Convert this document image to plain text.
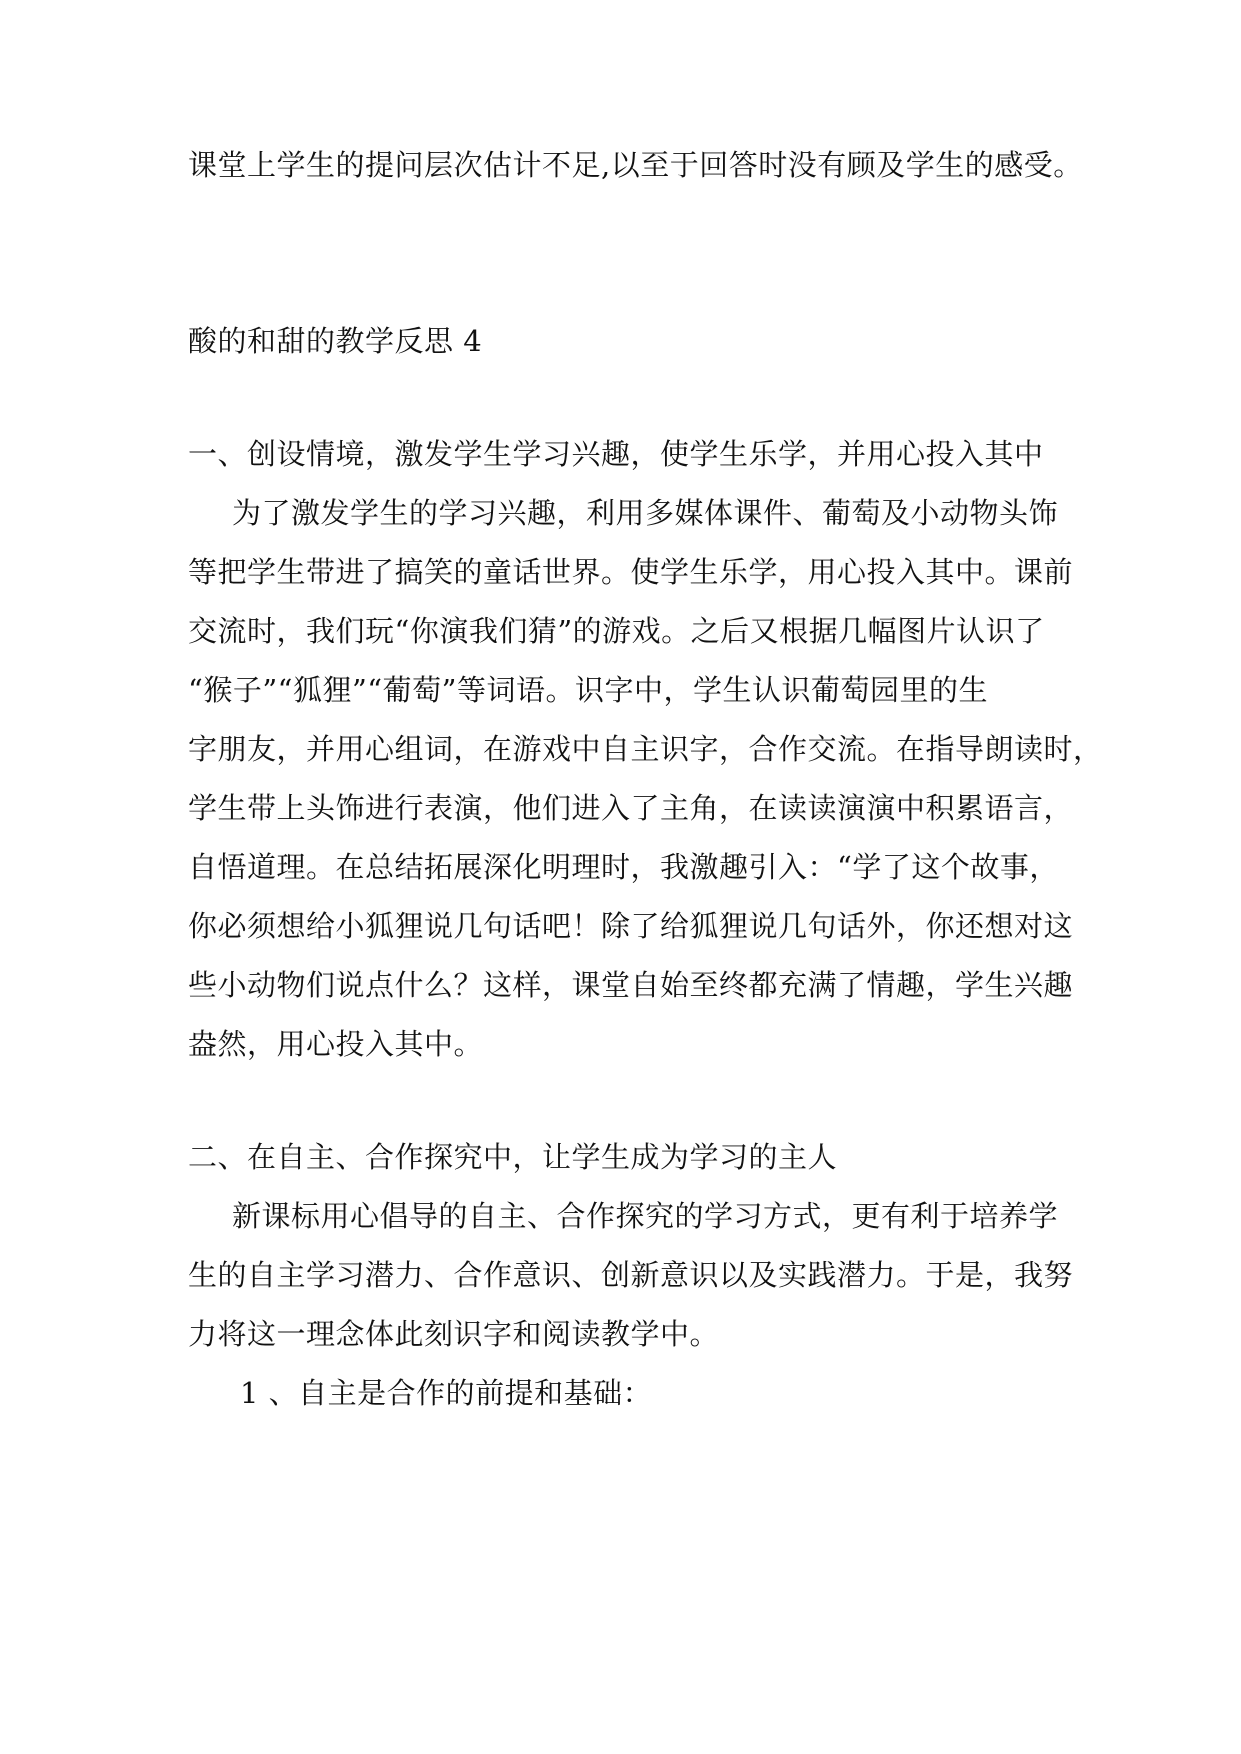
课堂上学生的提问层次估计不足,以至于回答时没有顾及学生的感受。
酸的和甜的教学反思 4
一、创设情境，激发学生学习兴趣，使学生乐学，并用心投入其中
为了激发学生的学习兴趣，利用多媒体课件、葡萄及小动物头饰
等把学生带进了搞笑的童话世界。使学生乐学，用心投入其中。课前
交流时，我们玩“你演我们猜”的游戏。之后又根据几幅图片认识了
“猴子”“狐狸”“葡萄”等词语。识字中，学生认识葡萄园里的生
字朋友，并用心组词，在游戏中自主识字，合作交流。在指导朗读时，
学生带上头饰进行表演，他们进入了主角，在读读演演中积累语言，
自悟道理。在总结拓展深化明理时，我激趣引入：“学了这个故事，
你必须想给小狐狸说几句话吧！除了给狐狸说几句话外，你还想对这
些小动物们说点什么？这样，课堂自始至终都充满了情趣，学生兴趣
盎然，用心投入其中。
二、在自主、合作探究中，让学生成为学习的主人
新课标用心倡导的自主、合作探究的学习方式，更有利于培养学
生的自主学习潜力、合作意识、创新意识以及实践潜力。于是，我努
力将这一理念体此刻识字和阅读教学中。
1 、自主是合作的前提和基础：
